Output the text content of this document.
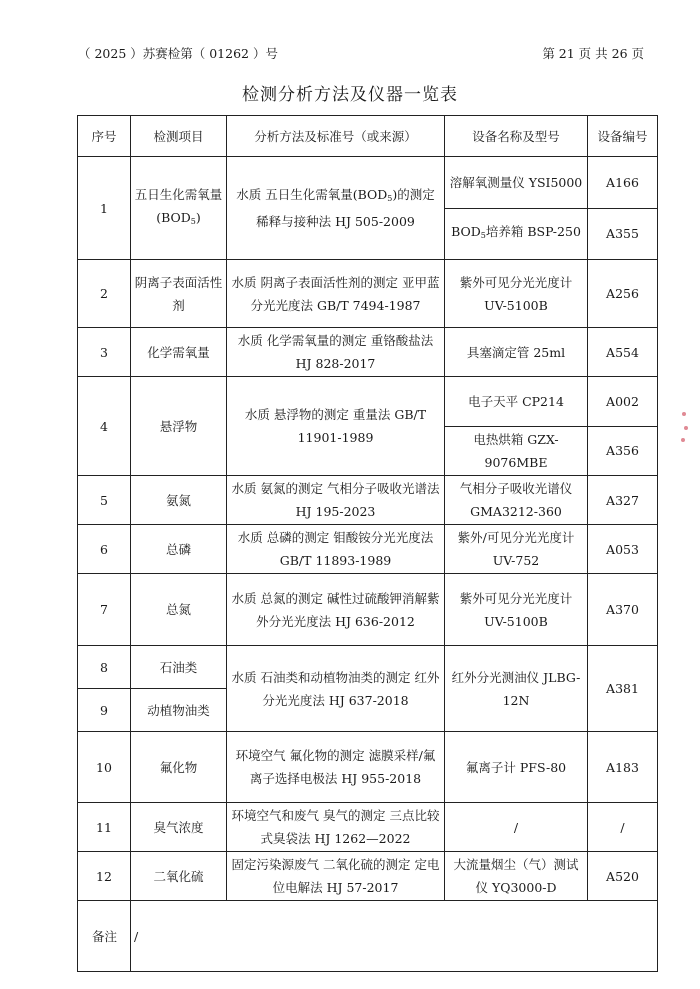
（ 2025 ）苏赛检第（ 01262 ）号	第 21 页 共 26 页
检测分析方法及仪器一览表
序号	检测项目	分析方法及标准号（或来源）	设备名称及型号	设备编号
1	五日生化需氧量$(BOD_5)$	水质 五日生化需氧量$(BOD_5)$的测定 稀释与接种法 HJ 505-2009	溶解氧测量仪 YSI5000	A166
			$BOD_5$培养箱 BSP-250	A355
2	阴离子表面活性剂	水质 阴离子表面活性剂的测定 亚甲蓝分光光度法 GB/T 7494-1987	紫外可见分光光度计 UV-5100B	A256
3	化学需氧量	水质 化学需氧量的测定 重铬酸盐法 HJ 828-2017	具塞滴定管 25ml	A554
4	悬浮物	水质 悬浮物的测定 重量法 GB/T 11901-1989	电子天平 CP214	A002
			电热烘箱 GZX-9076MBE	A356
5	氨氮	水质 氨氮的测定 气相分子吸收光谱法 HJ 195-2023	气相分子吸收光谱仪 GMA3212-360	A327
6	总磷	水质 总磷的测定 钼酸铵分光光度法 GB/T 11893-1989	紫外/可见分光光度计 UV-752	A053
7	总氮	水质 总氮的测定 碱性过硫酸钾消解紫外分光光度法 HJ 636-2012	紫外可见分光光度计 UV-5100B	A370
8	石油类	水质 石油类和动植物油类的测定 红外分光光度法 HJ 637-2018	红外分光测油仪 JLBG-12N	A381
9	动植物油类			
10	氟化物	环境空气 氟化物的测定 滤膜采样/氟离子选择电极法 HJ 955-2018	氟离子计 PFS-80	A183
11	臭气浓度	环境空气和废气 臭气的测定 三点比较式臭袋法 HJ 1262—2022	/	/
12	二氧化硫	固定污染源废气 二氧化硫的测定 定电位电解法 HJ 57-2017	大流量烟尘（气）测试仪 YQ3000-D	A520
备注	/			
